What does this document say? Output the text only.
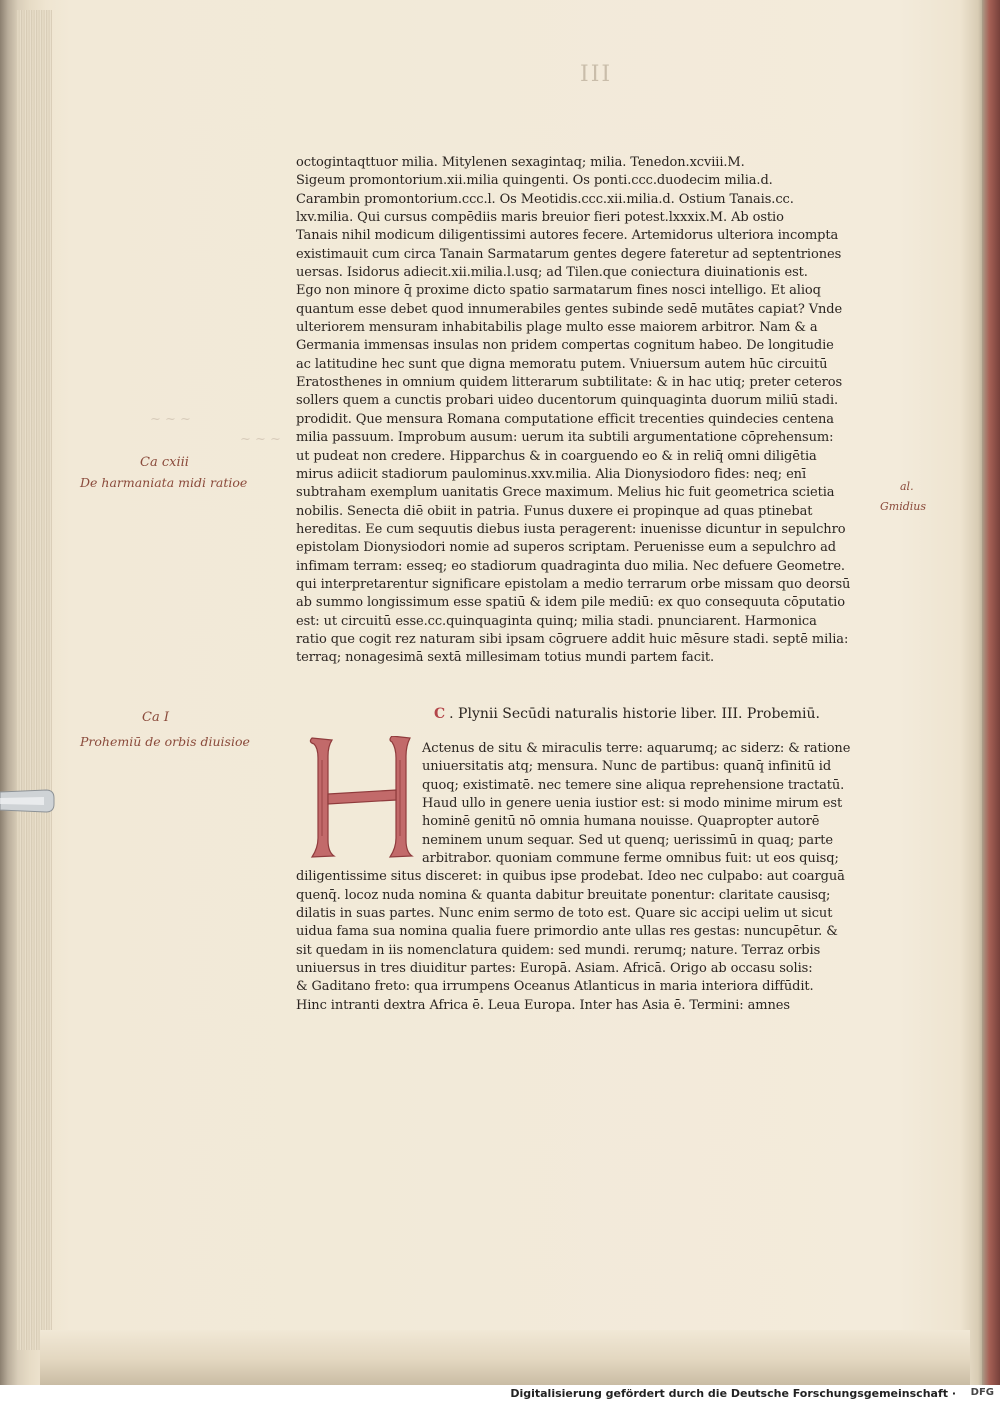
III
~ ~ ~
~ ~ ~
Ca cxiii
De harmaniata midi ratioe	al.
Gmidius
Ca I
Prohemiū de orbis diuisioe
octogintaqttuor milia. Mitylenen sexagintaq; milia. Tenedon.xcviii.M.
Sigeum promontorium.xii.milia quingenti. Os ponti.ccc.duodecim milia.d.
Carambin promontorium.ccc.l. Os Meotidis.ccc.xii.milia.d. Ostium Tanais.cc.
lxv.milia. Qui cursus compēdiis maris breuior fieri potest.lxxxix.M. Ab ostio
Tanais nihil modicum diligentissimi autores fecere. Artemidorus ulteriora incompta
existimauit cum circa Tanain Sarmatarum gentes degere fateretur ad septentriones
uersas. Isidorus adiecit.xii.milia.l.usq; ad Tilen.que coniectura diuinationis est.
Ego non minore q̄ proxime dicto spatio sarmatarum fines nosci intelligo. Et alioq
quantum esse debet quod innumerabiles gentes subinde sedē mutātes capiat? Vnde
ulteriorem mensuram inhabitabilis plage multo esse maiorem arbitror. Nam & a
Germania immensas insulas non pridem compertas cognitum habeo. De longitudie
ac latitudine hec sunt que digna memoratu putem. Vniuersum autem hūc circuitū
Eratosthenes in omnium quidem litterarum subtilitate: & in hac utiq; preter ceteros
sollers quem a cunctis probari uideo ducentorum quinquaginta duorum miliū stadi.
prodidit. Que mensura Romana computatione efficit trecenties quindecies centena
milia passuum. Improbum ausum: uerum ita subtili argumentatione cōprehensum:
ut pudeat non credere. Hipparchus & in coarguendo eo & in reliq̄ omni diligētia
mirus adiicit stadiorum paulominus.xxv.milia. Alia Dionysiodoro fides: neq; enī
subtraham exemplum uanitatis Grece maximum. Melius hic fuit geometrica scietia
nobilis. Senecta diē obiit in patria. Funus duxere ei propinque ad quas ptinebat
hereditas. Ee cum sequutis diebus iusta peragerent: inuenisse dicuntur in sepulchro
epistolam Dionysiodori nomie ad superos scriptam. Peruenisse eum a sepulchro ad
infimam terram: esseq; eo stadiorum quadraginta duo milia. Nec defuere Geometre.
qui interpretarentur significare epistolam a medio terrarum orbe missam quo deorsū
ab summo longissimum esse spatiū & idem pile mediū: ex quo consequuta cōputatio
est: ut circuitū esse.cc.quinquaginta quinq; milia stadi. pnunciarent. Harmonica
ratio que cogit rez naturam sibi ipsam cōgruere addit huic mēsure stadi. septē milia:
terraq; nonagesimā sextā millesimam totius mundi partem facit.
C . Plynii Secūdi naturalis historie liber. III. Probemiū.
Actenus de situ & miraculis terre: aquarumq; ac siderz: & ratione
uniuersitatis atq; mensura. Nunc de partibus: quanq̄ infinitū id
quoq; existimatē. nec temere sine aliqua reprehensione tractatū.
Haud ullo in genere uenia iustior est: si modo minime mirum est
hominē genitū nō omnia humana nouisse. Quapropter autorē
neminem unum sequar. Sed ut quenq; uerissimū in quaq; parte
arbitrabor. quoniam commune ferme omnibus fuit: ut eos quisq;
diligentissime situs disceret: in quibus ipse prodebat. Ideo nec culpabo: aut coarguā
quenq̄. locoz nuda nomina & quanta dabitur breuitate ponentur: claritate causisq;
dilatis in suas partes. Nunc enim sermo de toto est. Quare sic accipi uelim ut sicut
uidua fama sua nomina qualia fuere primordio ante ullas res gestas: nuncupētur. &
sit quedam in iis nomenclatura quidem: sed mundi. rerumq; nature. Terraz orbis
uniuersus in tres diuiditur partes: Europā. Asiam. Africā. Origo ab occasu solis:
& Gaditano freto: qua irrumpens Oceanus Atlanticus in maria interiora diffūdit.
Hinc intranti dextra Africa ē. Leua Europa. Inter has Asia ē. Termini: amnes
Digitalisierung gefördert durch die Deutsche Forschungsgemeinschaft · DFG
